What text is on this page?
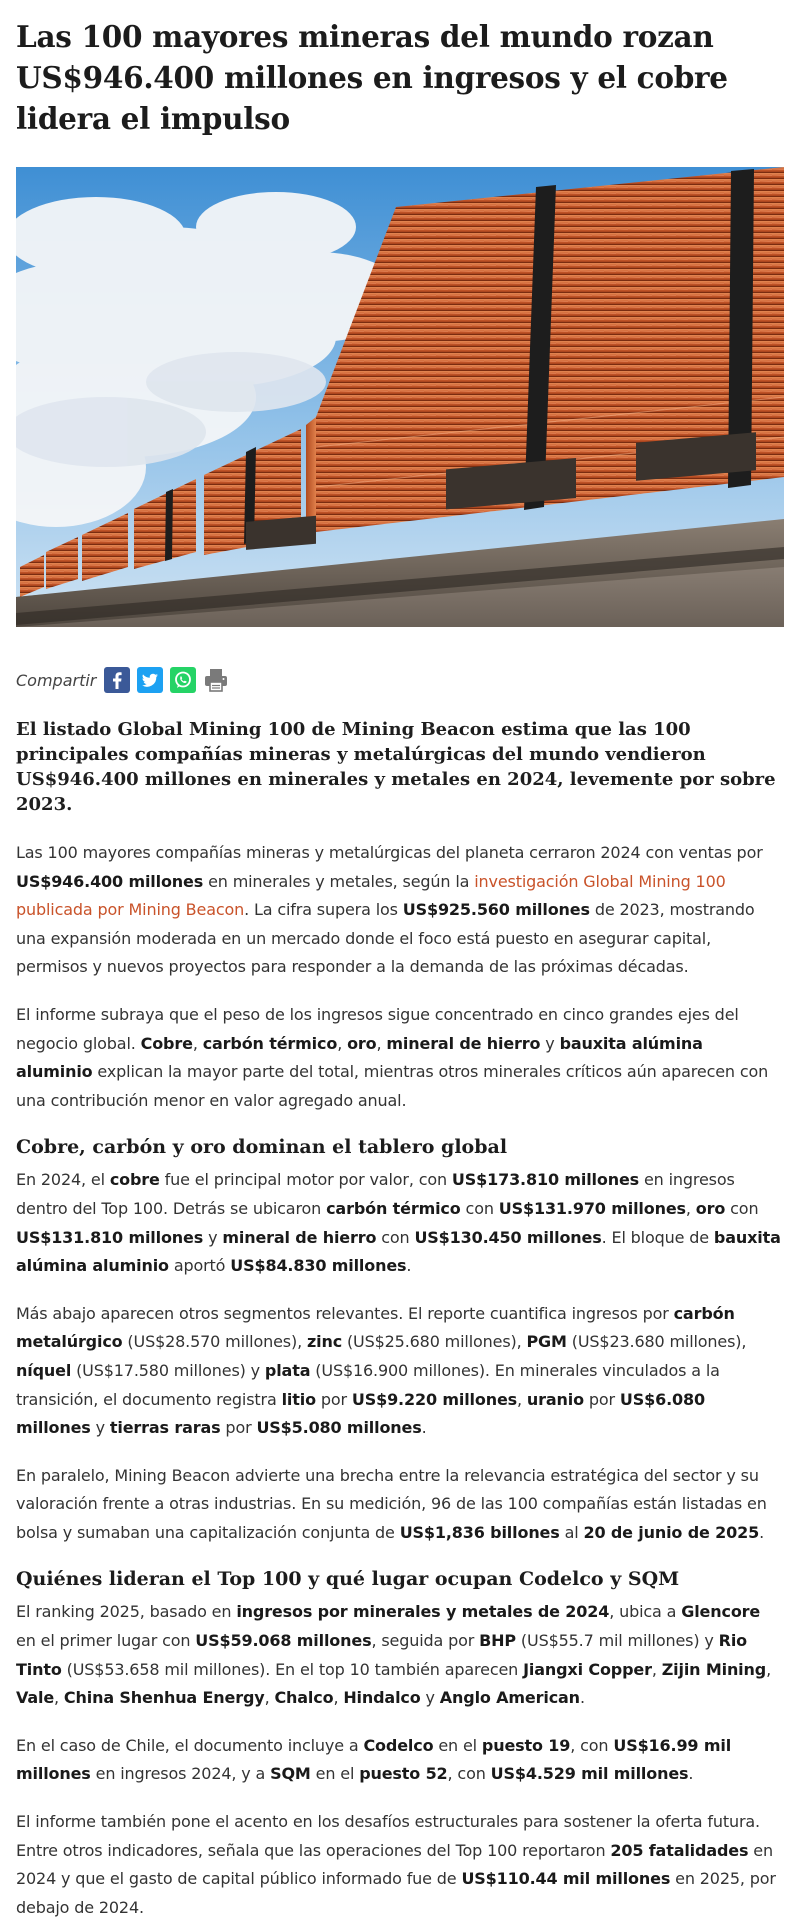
Las 100 mayores mineras del mundo rozan US$946.400 millones en ingresos y el cobre lidera el impulso
Compartir

El listado Global Mining 100 de Mining Beacon estima que las 100 principales compañías mineras y metalúrgicas del mundo vendieron US$946.400 millones en minerales y metales en 2024, levemente por sobre 2023.

Las 100 mayores compañías mineras y metalúrgicas del planeta cerraron 2024 con ventas por US$946.400 millones en minerales y metales, según la investigación Global Mining 100 publicada por Mining Beacon. La cifra supera los US$925.560 millones de 2023, mostrando una expansión moderada en un mercado donde el foco está puesto en asegurar capital, permisos y nuevos proyectos para responder a la demanda de las próximas décadas.

El informe subraya que el peso de los ingresos sigue concentrado en cinco grandes ejes del negocio global. Cobre, carbón térmico, oro, mineral de hierro y bauxita alúmina aluminio explican la mayor parte del total, mientras otros minerales críticos aún aparecen con una contribución menor en valor agregado anual.

Cobre, carbón y oro dominan el tablero global

En 2024, el cobre fue el principal motor por valor, con US$173.810 millones en ingresos dentro del Top 100. Detrás se ubicaron carbón térmico con US$131.970 millones, oro con US$131.810 millones y mineral de hierro con US$130.450 millones. El bloque de bauxita alúmina aluminio aportó US$84.830 millones.

Más abajo aparecen otros segmentos relevantes. El reporte cuantifica ingresos por carbón metalúrgico (US$28.570 millones), zinc (US$25.680 millones), PGM (US$23.680 millones), níquel (US$17.580 millones) y plata (US$16.900 millones). En minerales vinculados a la transición, el documento registra litio por US$9.220 millones, uranio por US$6.080 millones y tierras raras por US$5.080 millones.

En paralelo, Mining Beacon advierte una brecha entre la relevancia estratégica del sector y su valoración frente a otras industrias. En su medición, 96 de las 100 compañías están listadas en bolsa y sumaban una capitalización conjunta de US$1,836 billones al 20 de junio de 2025.

Quiénes lideran el Top 100 y qué lugar ocupan Codelco y SQM

El ranking 2025, basado en ingresos por minerales y metales de 2024, ubica a Glencore en el primer lugar con US$59.068 millones, seguida por BHP (US$55.7 mil millones) y Rio Tinto (US$53.658 mil millones). En el top 10 también aparecen Jiangxi Copper, Zijin Mining, Vale, China Shenhua Energy, Chalco, Hindalco y Anglo American.

En el caso de Chile, el documento incluye a Codelco en el puesto 19, con US$16.99 mil millones en ingresos 2024, y a SQM en el puesto 52, con US$4.529 mil millones.

El informe también pone el acento en los desafíos estructurales para sostener la oferta futura. Entre otros indicadores, señala que las operaciones del Top 100 reportaron 205 fatalidades en 2024 y que el gasto de capital público informado fue de US$110.44 mil millones en 2025, por debajo de 2024.
